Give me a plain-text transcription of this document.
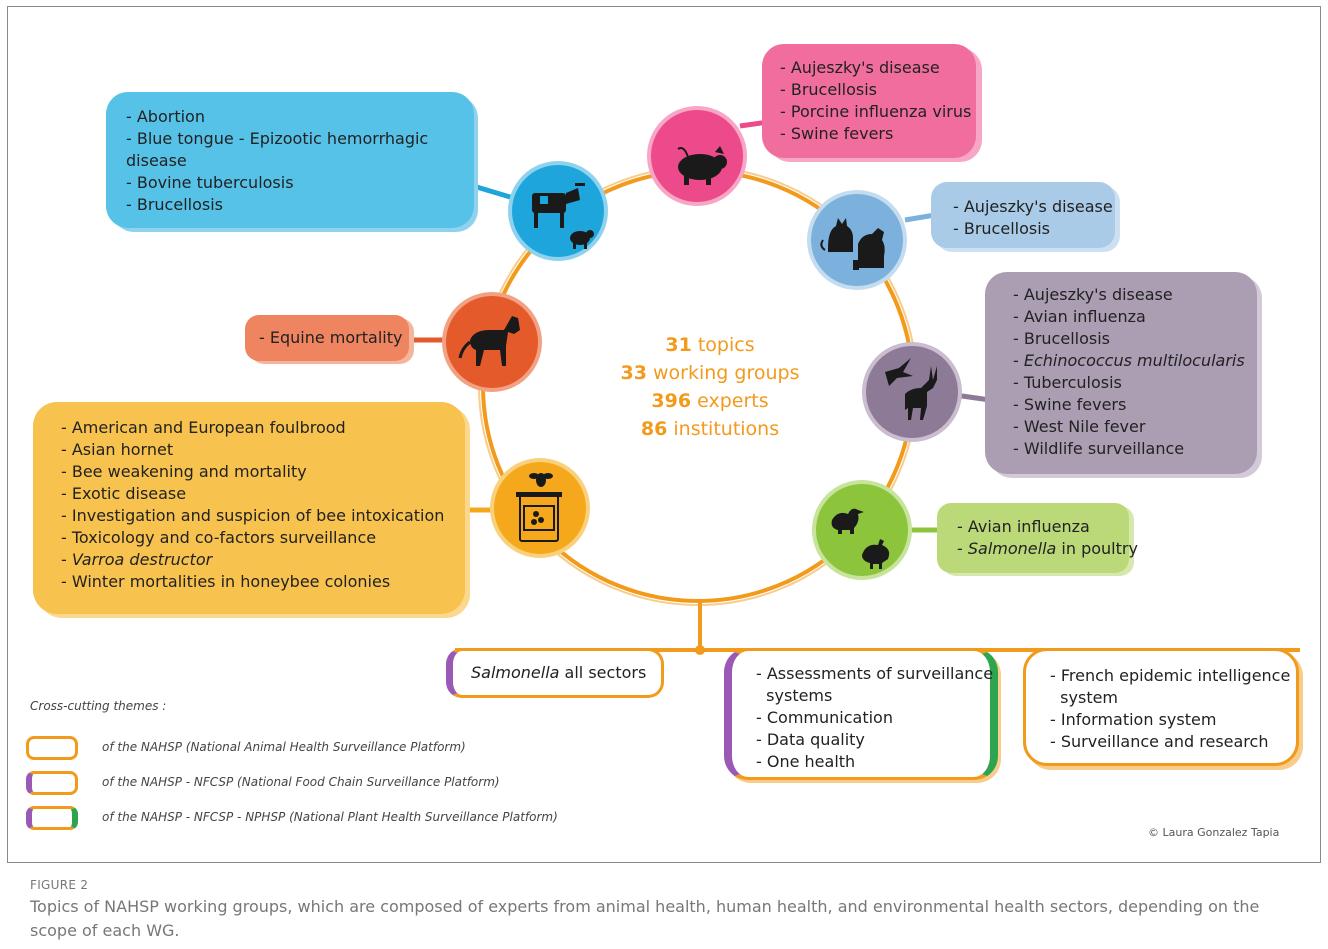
- Aujeszky's disease
- Brucellosis
- Porcine influenza virus
- Swine fevers
- Abortion
- Blue tongue - Epizootic hemorrhagic
disease
- Bovine tuberculosis
- Brucellosis	- Aujeszky's disease
- Brucellosis
- Equine mortality
- Aujeszky's disease
- Avian influenza
- Brucellosis
- Echinococcus multilocularis
- Tuberculosis
- Swine fevers
- West Nile fever
- Wildlife surveillance
- American and European foulbrood
- Asian hornet
- Bee weakening and mortality
- Exotic disease
- Investigation and suspicion of bee intoxication
- Toxicology and co-factors surveillance
- Varroa destructor
- Winter mortalities in honeybee colonies
- Avian influenza
- Salmonella in poultry
31 topics
33 working groups
396 experts
86 institutions
Salmonella all sectors	- Assessments of surveillance
systems
- Communication
- Data quality
- One health
- French epidemic intelligence
system
- Information system
- Surveillance and research
Cross-cutting themes :
of the NAHSP (National Animal Health Surveillance Platform)
of the NAHSP - NFCSP (National Food Chain Surveillance Platform)
of the NAHSP - NFCSP - NPHSP (National Plant Health Surveillance Platform)
© Laura Gonzalez Tapia
FIGURE 2
Topics of NAHSP working groups, which are composed of experts from animal health, human health, and environmental health sectors, depending on the scope of each WG.
